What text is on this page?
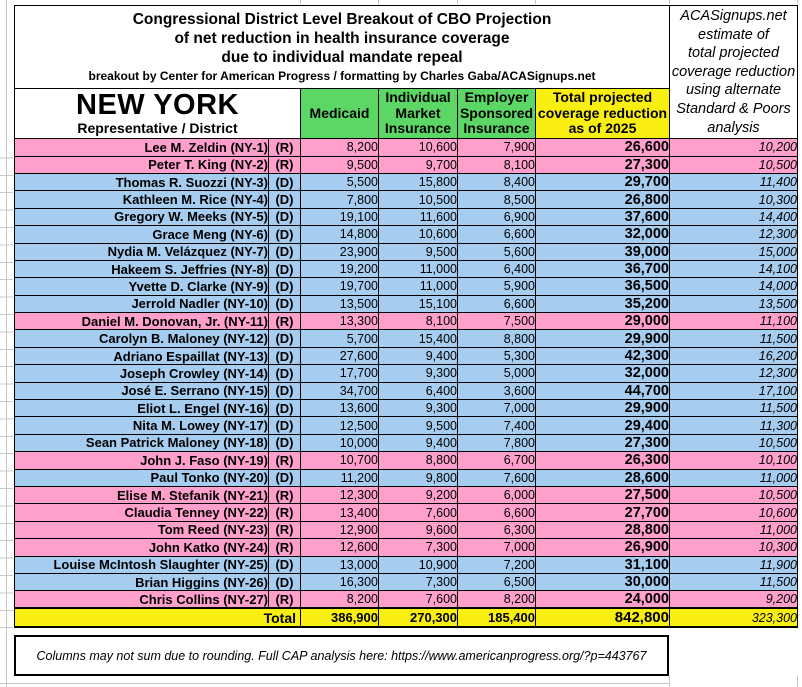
Congressional District Level Breakout of CBO Projection
of net reduction in health insurance coverage
due to individual mandate repeal
breakout by Center for American Progress / formatting by Charles Gaba/ACASignups.net
	ACASignups.net
estimate of
total projected
coverage reduction
using alternate
Standard & Poors
analysis

NEW YORK
Representative / District
	Medicaid	Individual
Market
Insurance	Employer
Sponsored
Insurance	Total projected
coverage reduction
as of 2025
Lee M. Zeldin (NY-1)	(R)	8,200	10,600	7,900	26,600	10,200
Peter T. King (NY-2)	(R)	9,500	9,700	8,100	27,300	10,500
Thomas R. Suozzi (NY-3)	(D)	5,500	15,800	8,400	29,700	11,400
Kathleen M. Rice (NY-4)	(D)	7,800	10,500	8,500	26,800	10,300
Gregory W. Meeks (NY-5)	(D)	19,100	11,600	6,900	37,600	14,400
Grace Meng (NY-6)	(D)	14,800	10,600	6,600	32,000	12,300
Nydia M. Velázquez (NY-7)	(D)	23,900	9,500	5,600	39,000	15,000
Hakeem S. Jeffries (NY-8)	(D)	19,200	11,000	6,400	36,700	14,100
Yvette D. Clarke (NY-9)	(D)	19,700	11,000	5,900	36,500	14,000
Jerrold Nadler (NY-10)	(D)	13,500	15,100	6,600	35,200	13,500
Daniel M. Donovan, Jr. (NY-11)	(R)	13,300	8,100	7,500	29,000	11,100
Carolyn B. Maloney (NY-12)	(D)	5,700	15,400	8,800	29,900	11,500
Adriano Espaillat (NY-13)	(D)	27,600	9,400	5,300	42,300	16,200
Joseph Crowley (NY-14)	(D)	17,700	9,300	5,000	32,000	12,300
José E. Serrano (NY-15)	(D)	34,700	6,400	3,600	44,700	17,100
Eliot L. Engel (NY-16)	(D)	13,600	9,300	7,000	29,900	11,500
Nita M. Lowey (NY-17)	(D)	12,500	9,500	7,400	29,400	11,300
Sean Patrick Maloney (NY-18)	(D)	10,000	9,400	7,800	27,300	10,500
John J. Faso (NY-19)	(R)	10,700	8,800	6,700	26,300	10,100
Paul Tonko (NY-20)	(D)	11,200	9,800	7,600	28,600	11,000
Elise M. Stefanik (NY-21)	(R)	12,300	9,200	6,000	27,500	10,500
Claudia Tenney (NY-22)	(R)	13,400	7,600	6,600	27,700	10,600
Tom Reed (NY-23)	(R)	12,900	9,600	6,300	28,800	11,000
John Katko (NY-24)	(R)	12,600	7,300	7,000	26,900	10,300
Louise McIntosh Slaughter (NY-25)	(D)	13,000	10,900	7,200	31,100	11,900
Brian Higgins (NY-26)	(D)	16,300	7,300	6,500	30,000	11,500
Chris Collins (NY-27)	(R)	8,200	7,600	8,200	24,000	9,200
Total		386,900	270,300	185,400	842,800	323,300
Columns may not sum due to rounding. Full CAP analysis here: https://www.americanprogress.org/?p=443767
